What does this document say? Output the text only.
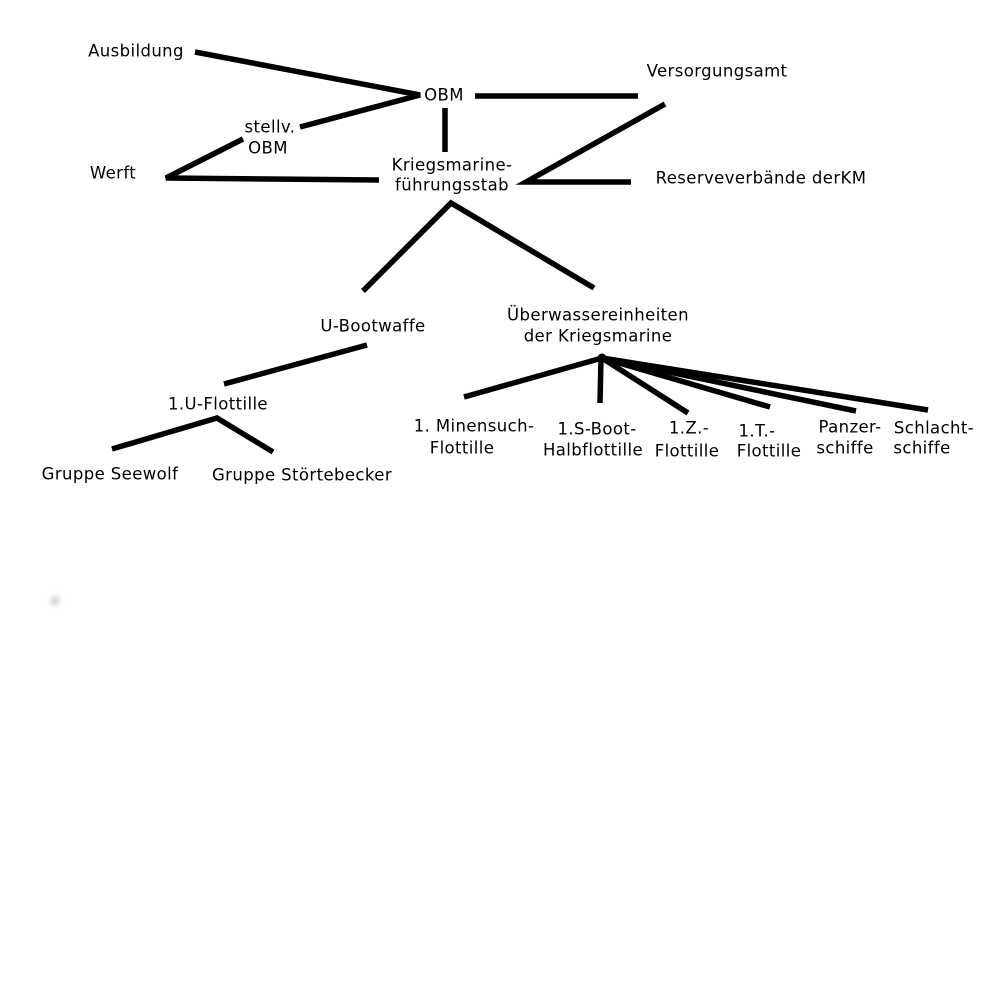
Ausbildung
OBM
Versorgungsamt
Werft	Reserveverbände derKM
U-Bootwaffe
1.U-Flottille
Gruppe Seewolf Gruppe Störtebecker
stellv.
OBM
Kriegsmarine-
führungsstab
Überwassereinheiten
der Kriegsmarine
1. Minensuch-
Flottille
1.S-Boot-
Halbflottille
1.Z.-
Flottille
1.T.-
Flottille
Panzer-
schiffe
Schlacht-
schiffe
